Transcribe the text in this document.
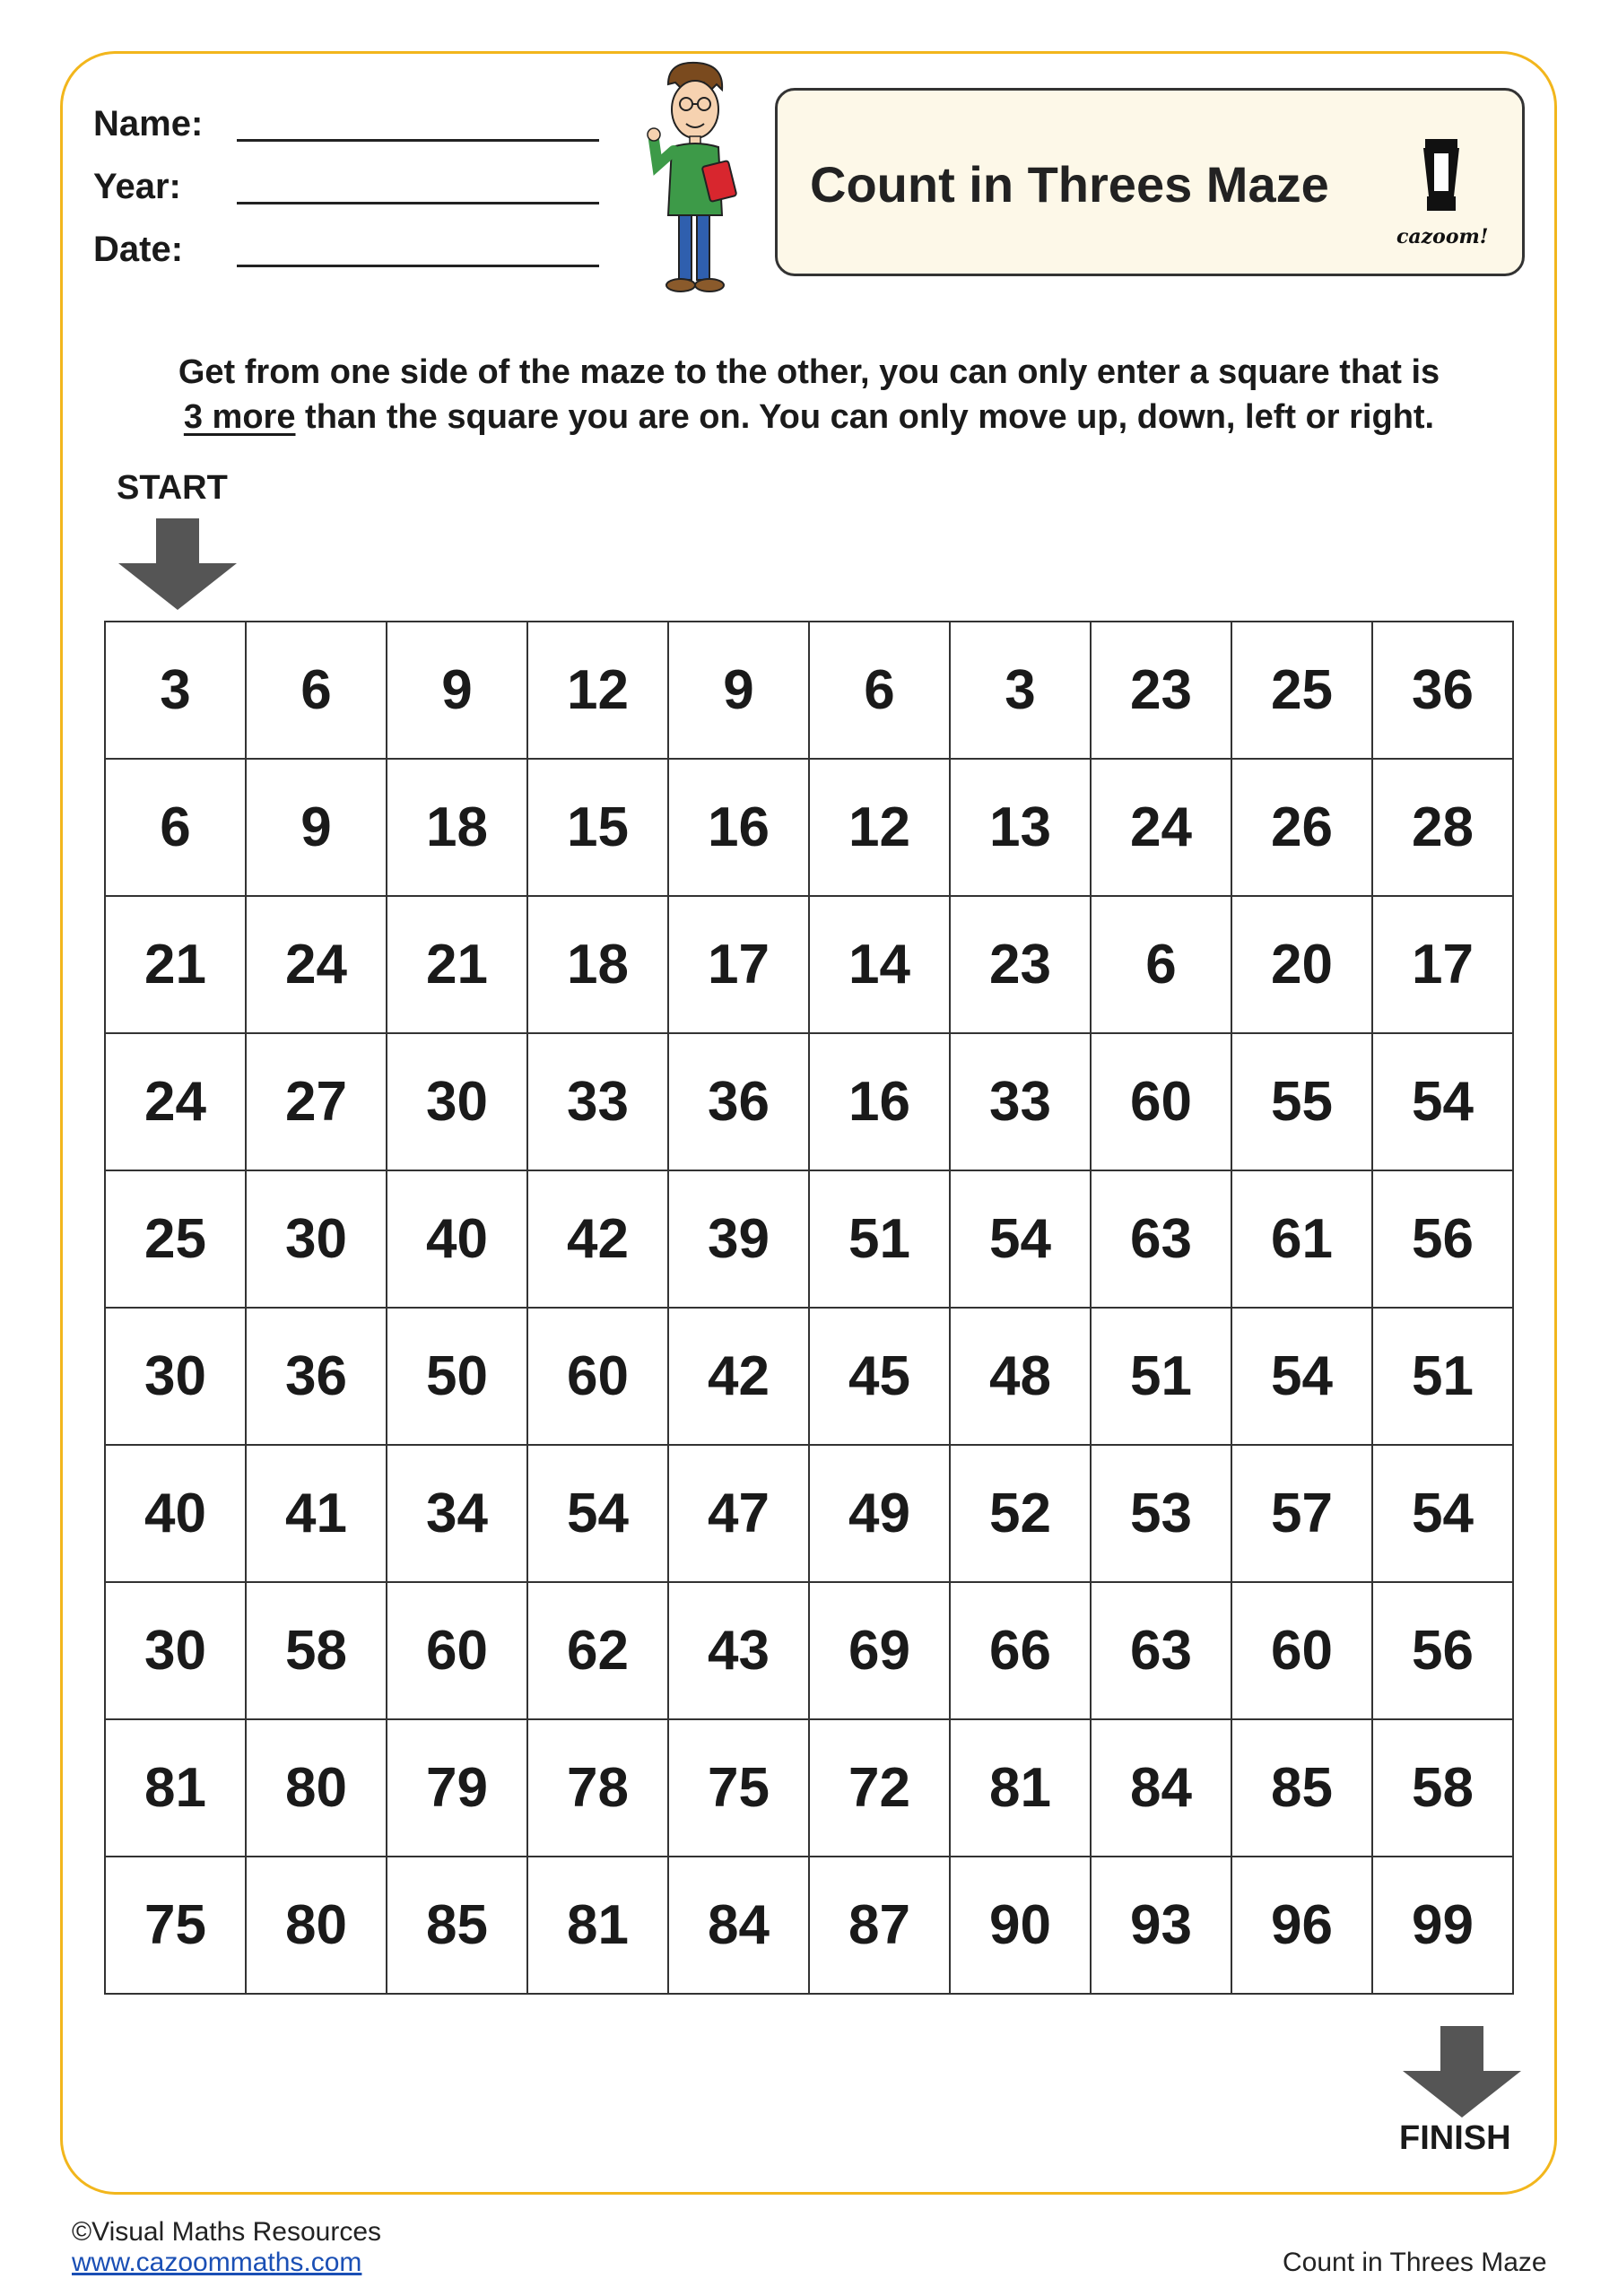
Name:
Year:
Date:
Count in Threes Maze
cazoom!
Get from one side of the maze to the other, you can only enter a square that is
3 more than the square you are on. You can only move up, down, left or right.
START
3	6	9	12	9	6	3	23	25	36
6	9	18	15	16	12	13	24	26	28
21	24	21	18	17	14	23	6	20	17
24	27	30	33	36	16	33	60	55	54
25	30	40	42	39	51	54	63	61	56
30	36	50	60	42	45	48	51	54	51
40	41	34	54	47	49	52	53	57	54
30	58	60	62	43	69	66	63	60	56
81	80	79	78	75	72	81	84	85	58
75	80	85	81	84	87	90	93	96	99
FINISH
©Visual Maths Resources
www.cazoommaths.com	Count in Threes Maze
